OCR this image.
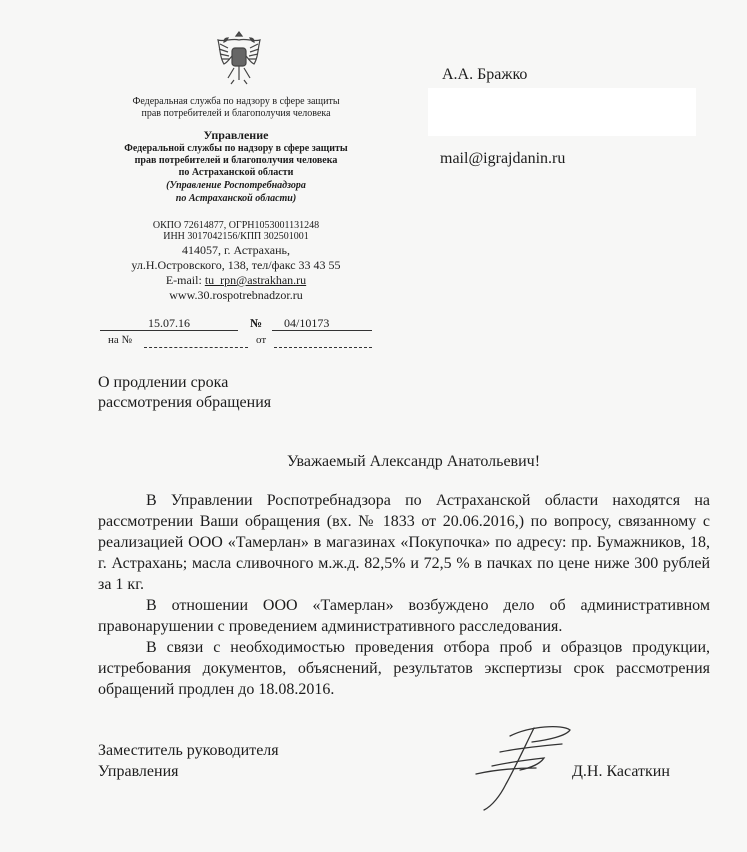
Федеральная служба по надзору в сфере защиты
прав потребителей и благополучия человека
Управление
Федеральной службы по надзору в сфере защиты
прав потребителей и благополучия человека
по Астраханской области
(Управление Роспотребнадзора
по Астраханской области)
ОКПО 72614877, ОГРН1053001131248
ИНН 3017042156/КПП 302501001
414057, г. Астрахань,
ул.Н.Островского, 138, тел/факс 33 43 55
E-mail: tu_rpn@astrakhan.ru
www.30.rospotrebnadzor.ru
15.07.16	№ 04/10173
на №	от
А.А. Бражко
mail@igrajdanin.ru
О продлении срока
рассмотрения обращения
Уважаемый Александр Анатольевич!
В Управлении Роспотребнадзора по Астраханской области находятся на рассмотрении Ваши обращения (вх. № 1833 от 20.06.2016,) по вопросу, связанному с реализацией ООО «Тамерлан» в магазинах «Покупочка» по адресу: пр. Бумажников, 18, г. Астрахань; масла сливочного м.ж.д. 82,5% и 72,5 % в пачках по цене ниже 300 рублей за 1 кг.
В отношении ООО «Тамерлан» возбуждено дело об административном правонарушении с проведением административного расследования.
В связи с необходимостью проведения отбора проб и образцов продукции, истребования документов, объяснений, результатов экспертизы срок рассмотрения обращений продлен до 18.08.2016.
Заместитель руководителя
Управления	Д.Н. Касаткин
